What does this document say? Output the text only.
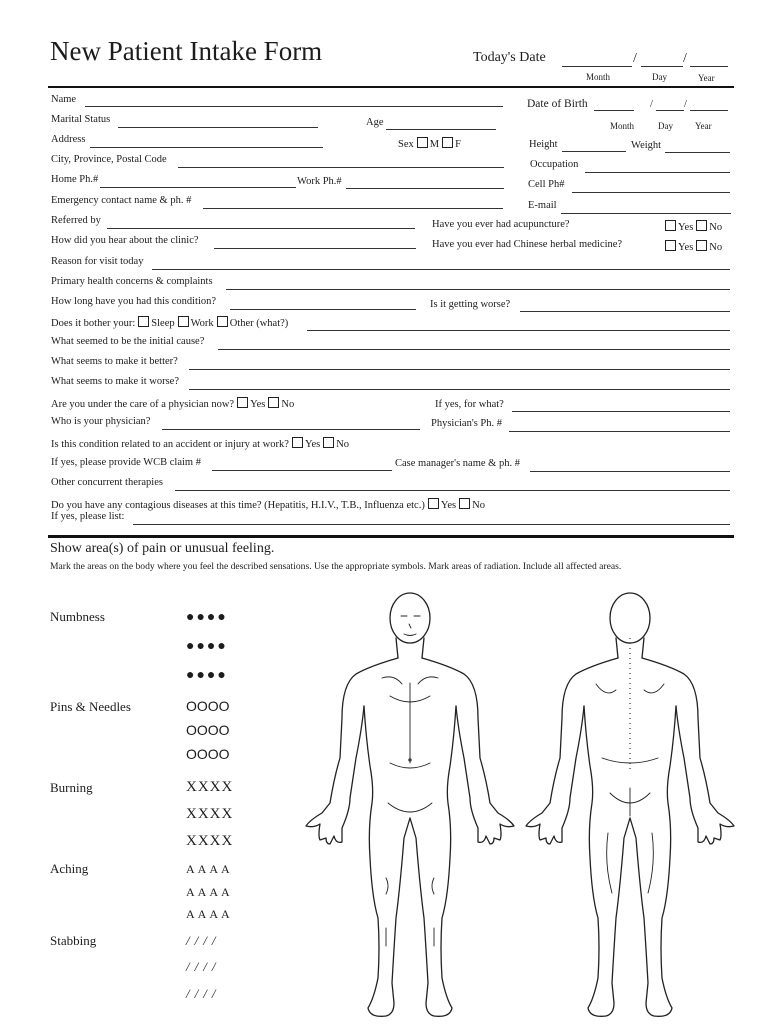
New Patient Intake Form	Today's Date	/	/
Month	Day	Year
Name	Date of Birth	/	/
Marital Status	Age	Month	Day Year
Address	Sex M F	Height	Weight
City, Province, Postal Code	Occupation
Home Ph.#	Work Ph.#	Cell Ph#
Emergency contact name & ph. #	E-mail
Referred by	Have you ever had acupuncture?	Yes No
How did you hear about the clinic?	Have you ever had Chinese herbal medicine?	Yes No
Reason for visit today
Primary health concerns & complaints
How long have you had this condition?	Is it getting worse?
Does it bother your: Sleep Work Other (what?)
What seemed to be the initial cause?
What seems to make it better?
What seems to make it worse?
Are you under the care of a physician now? Yes No	If yes, for what?
Who is your physician?	Physician's Ph. #
Is this condition related to an accident or injury at work? Yes No
If yes, please provide WCB claim #	Case manager's name & ph. #
Other concurrent therapies
Do you have any contagious diseases at this time? (Hepatitis, H.I.V., T.B., Influenza etc.) Yes No
If yes, please list:
Show area(s) of pain or unusual feeling.
Mark the areas on the body where you feel the described sensations. Use the appropriate symbols. Mark areas of radiation. Include all affected areas.
Numbness	●●●●
●●●●
●●●●
Pins & Needles	OOOO
OOOO
OOOO
Burning	XXXX
XXXX
XXXX
Aching	AAAA
AAAA
AAAA
Stabbing	////
////
////
